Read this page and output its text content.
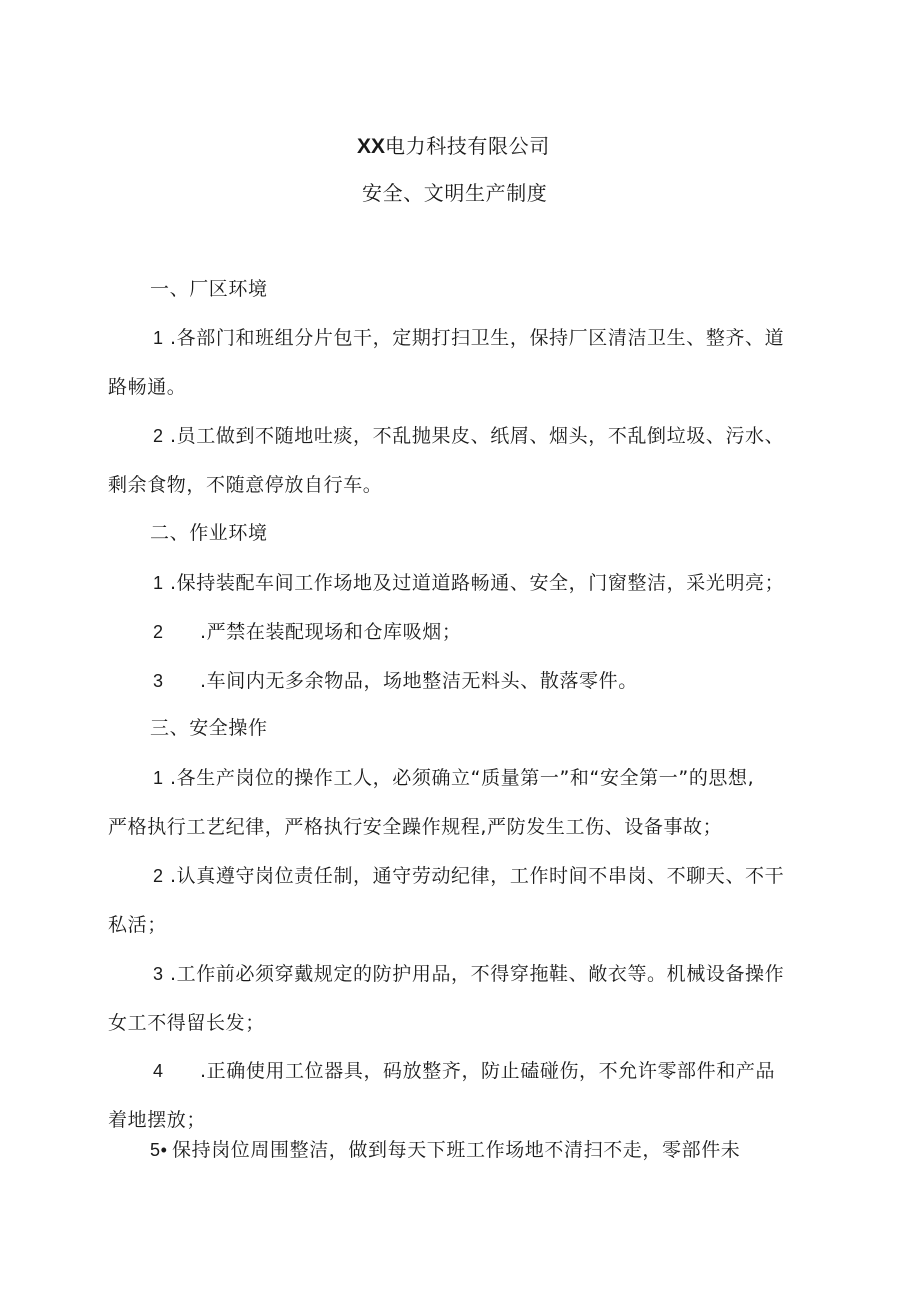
XX电力科技有限公司
安全、文明生产制度
一、厂区环境
1 .各部门和班组分片包干，定期打扫卫生，保持厂区清洁卫生、整齐、道
路畅通。
2 .员工做到不随地吐痰，不乱抛果皮、纸屑、烟头，不乱倒垃圾、污水、
剩余食物，不随意停放自行车。
二、作业环境
1 .保持装配车间工作场地及过道道路畅通、安全，门窗整洁，采光明亮；
2 .严禁在装配现场和仓库吸烟；
3 .车间内无多余物品，场地整洁无料头、散落零件。
三、安全操作
1 .各生产岗位的操作工人，必须确立“质量第一”和“安全第一”的思想,
严格执行工艺纪律，严格执行安全躁作规程,严防发生工伤、设备事故；
2 .认真遵守岗位责任制，通守劳动纪律，工作时间不串岗、不聊天、不干
私活；
3 .工作前必须穿戴规定的防护用品，不得穿拖鞋、敞衣等。机械设备操作
女工不得留长发；
4 .正确使用工位器具，码放整齐，防止磕碰伤，不允许零部件和产品
着地摆放；
5• 保持岗位周围整洁，做到每天下班工作场地不清扫不走，零部件未
